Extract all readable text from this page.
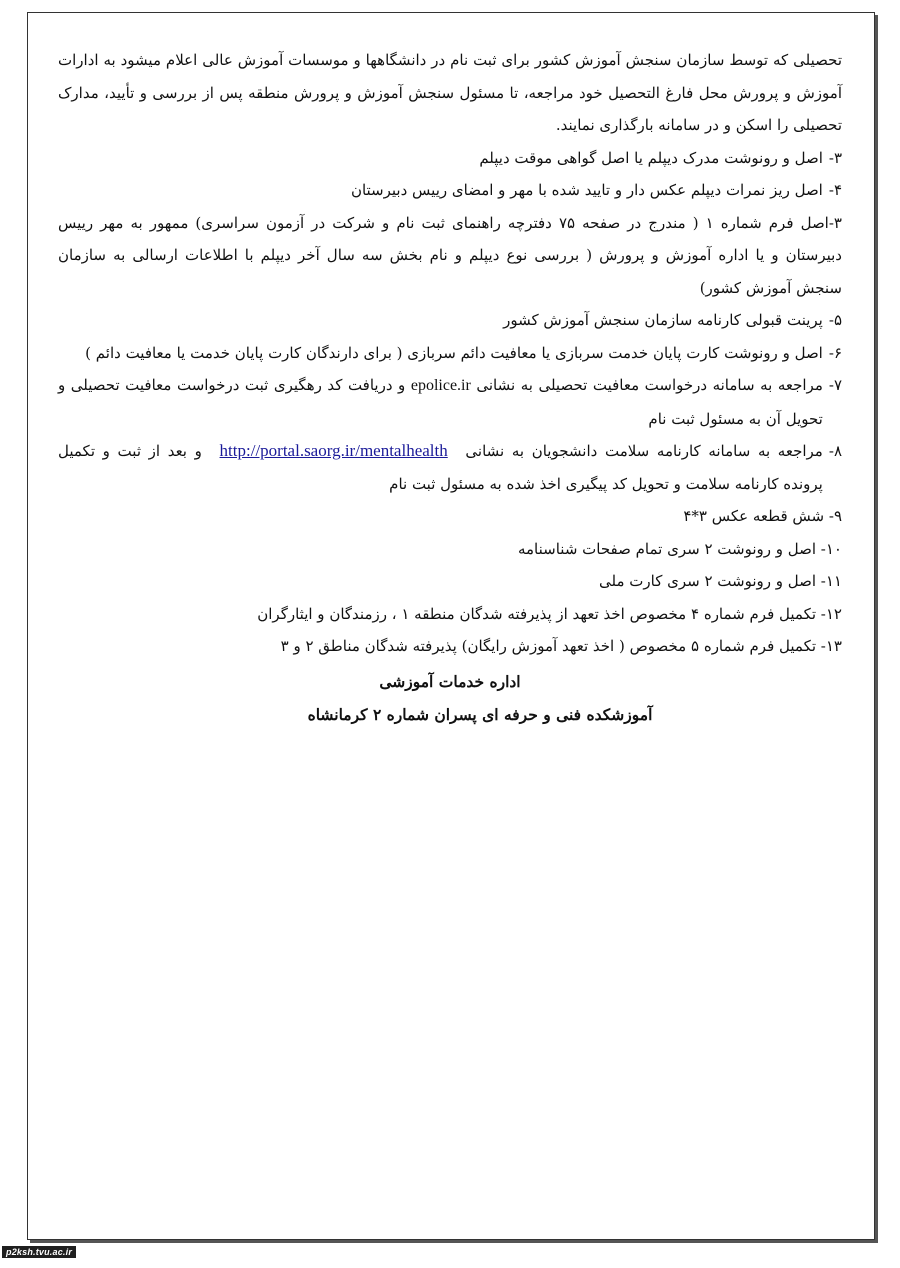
تحصیلی که توسط سازمان سنجش آموزش کشور برای ثبت نام در دانشگاهها و موسسات آموزش عالی اعلام میشود به ادارات آموزش و پرورش محل فارغ التحصیل خود مراجعه، تا مسئول سنجش آموزش و پرورش منطقه پس از بررسی و تأیید، مدارک تحصیلی را اسکن و در سامانه بارگذاری نمایند.

۳-
اصل و رونوشت مدرک دیپلم یا اصل گواهی موقت دیپلم
۴-
اصل ریز نمرات دیپلم عکس دار و تایید شده با مهر و امضای رییس دبیرستان
۳-اصل فرم شماره ۱ ( مندرج در صفحه ۷۵ دفترچه راهنمای ثبت نام و شرکت در آزمون سراسری) ممهور به مهر رییس دبیرستان و یا اداره آموزش و پرورش ( بررسی نوع دیپلم و نام بخش سه سال آخر دیپلم با اطلاعات ارسالی به سازمان سنجش آموزش کشور)
۵-
پرینت قبولی کارنامه سازمان سنجش آموزش کشور
۶-
اصل و رونوشت کارت پایان خدمت سربازی یا معافیت دائم سربازی ( برای دارندگان کارت پایان خدمت یا معافیت دائم )
۷-
مراجعه به سامانه درخواست معافیت تحصیلی به نشانی epolice.ir و دریافت کد رهگیری ثبت درخواست معافیت تحصیلی و تحویل آن به مسئول ثبت نام
۸-
مراجعه به سامانه کارنامه سلامت دانشجویان به نشانی http://portal.saorg.ir/mentalhealth و بعد از ثبت و تکمیل پرونده کارنامه سلامت و تحویل کد پیگیری اخذ شده به مسئول ثبت نام

۹- شش قطعه عکس ۳*۴

۱۰- اصل و رونوشت ۲ سری تمام صفحات شناسنامه

۱۱- اصل و رونوشت ۲ سری کارت ملی

۱۲- تکمیل فرم شماره ۴ مخصوص اخذ تعهد از پذیرفته شدگان منطقه ۱ ، رزمندگان و ایثارگران

۱۳- تکمیل فرم شماره ۵ مخصوص ( اخذ تعهد آموزش رایگان) پذیرفته شدگان مناطق ۲ و ۳

اداره خدمات آموزشی
آموزشکده فنی و حرفه ای پسران شماره ۲ کرمانشاه
p2ksh.tvu.ac.ir
